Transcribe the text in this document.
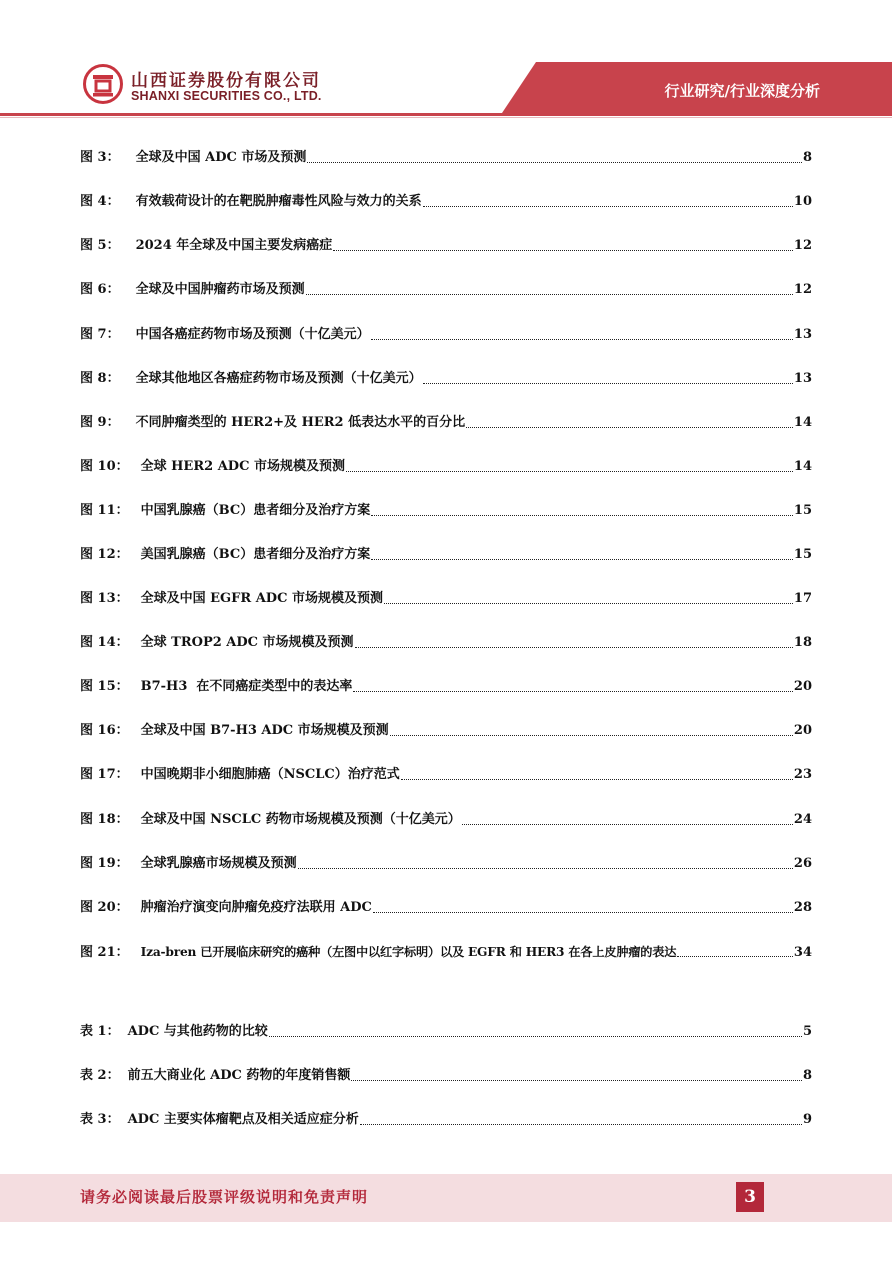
山西证券股份有限公司
SHANXI SECURITIES CO., LTD.	行业研究/行业深度分析
图 3： 全球及中国 ADC 市场及预测	8
图 4： 有效载荷设计的在靶脱肿瘤毒性风险与效力的关系	10
图 5： 2024 年全球及中国主要发病癌症	12
图 6： 全球及中国肿瘤药市场及预测	12
图 7： 中国各癌症药物市场及预测（十亿美元）	13
图 8： 全球其他地区各癌症药物市场及预测（十亿美元）	13
图 9： 不同肿瘤类型的 HER2+及 HER2 低表达水平的百分比	14
图 10： 全球 HER2 ADC 市场规模及预测	14
图 11： 中国乳腺癌（BC）患者细分及治疗方案	15
图 12： 美国乳腺癌（BC）患者细分及治疗方案	15
图 13： 全球及中国 EGFR ADC 市场规模及预测	17
图 14： 全球 TROP2 ADC 市场规模及预测	18
图 15： B7-H3  在不同癌症类型中的表达率	20
图 16： 全球及中国 B7-H3 ADC 市场规模及预测	20
图 17： 中国晚期非小细胞肺癌（NSCLC）治疗范式	23
图 18： 全球及中国 NSCLC 药物市场规模及预测（十亿美元）	24
图 19： 全球乳腺癌市场规模及预测	26
图 20： 肿瘤治疗演变向肿瘤免疫疗法联用 ADC	28
图 21： Iza-bren 已开展临床研究的癌种（左图中以红字标明）以及 EGFR 和 HER3 在各上皮肿瘤的表达	34
表 1： ADC 与其他药物的比较	5
表 2： 前五大商业化 ADC 药物的年度销售额	8
表 3： ADC 主要实体瘤靶点及相关适应症分析	9
请务必阅读最后股票评级说明和免责声明	3
